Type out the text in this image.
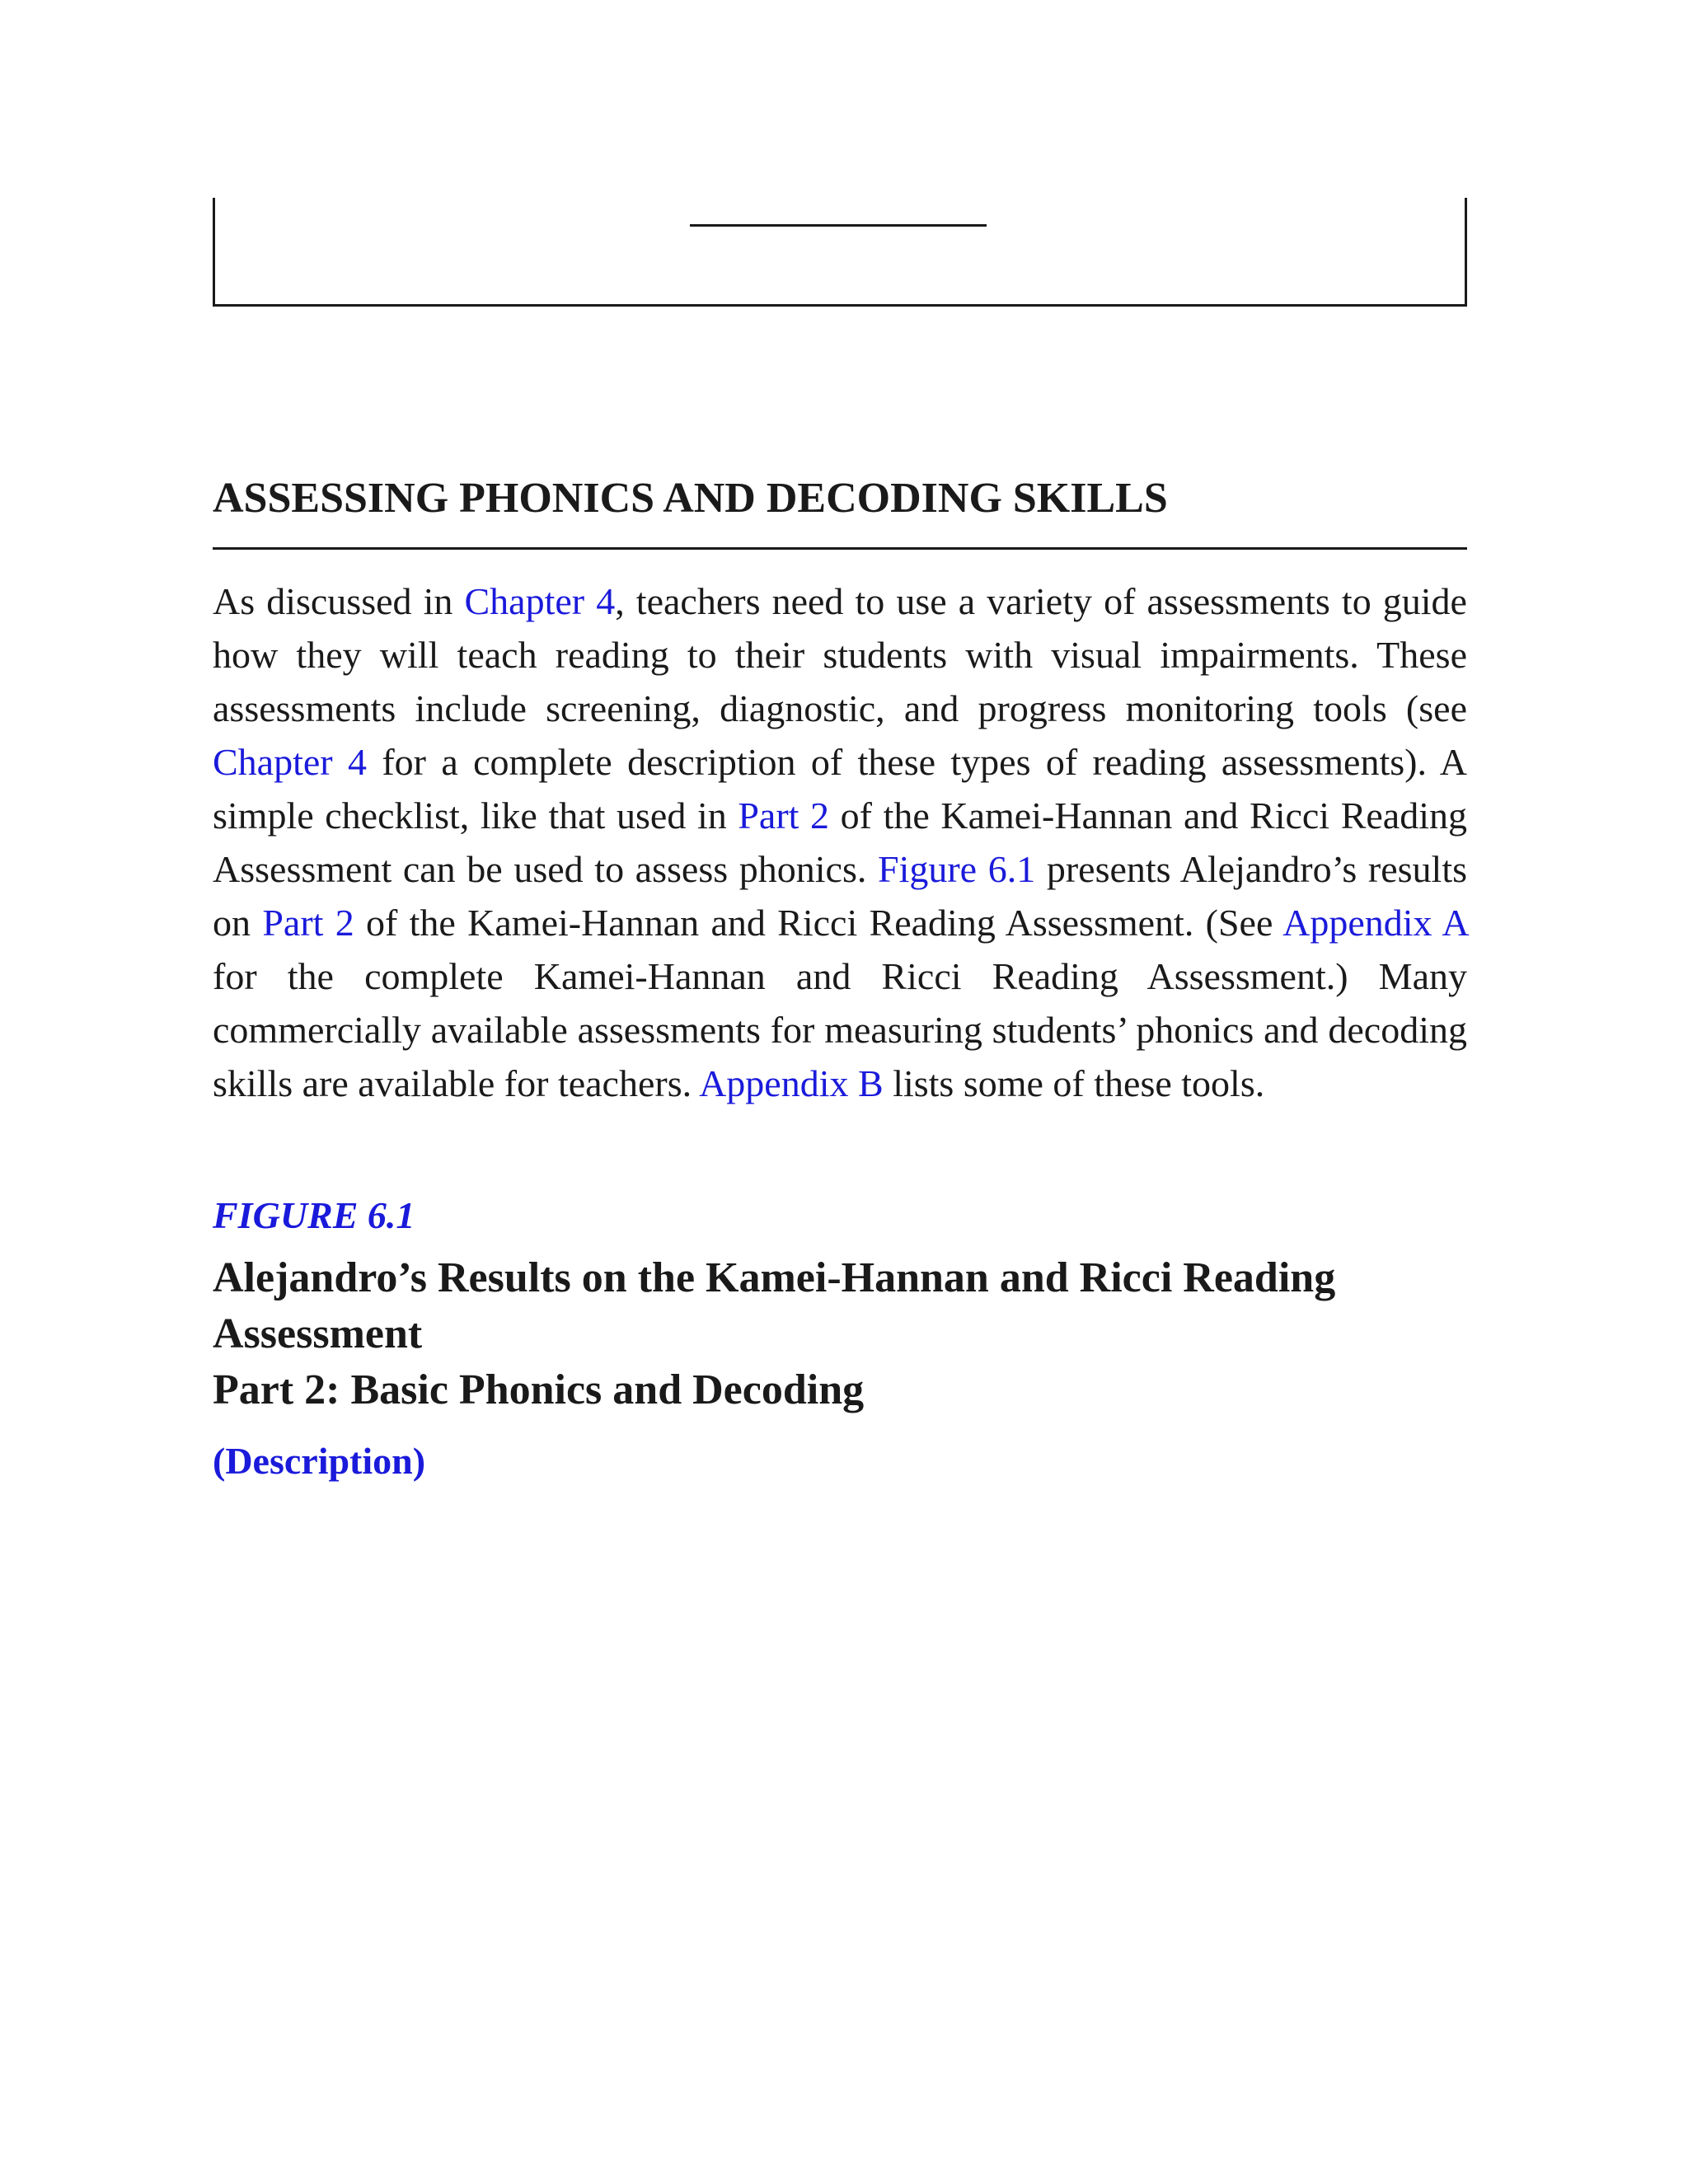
ASSESSING PHONICS AND DECODING SKILLS

As discussed in Chapter 4, teachers need to use a variety of assessments to guide how they will teach reading to their students with visual impairments. These assessments include screening, diagnostic, and progress monitoring tools (see Chapter 4 for a complete description of these types of reading assessments). A simple checklist, like that used in Part 2 of the Kamei-Hannan and Ricci Reading Assessment can be used to assess phonics. Figure 6.1 presents Alejandro’s results on Part 2 of the Kamei-Hannan and Ricci Reading Assessment. (See Appendix A for the complete Kamei-Hannan and Ricci Reading Assessment.) Many commercially available assessments for measuring students’ phonics and decoding skills are available for teachers. Appendix B lists some of these tools.

FIGURE 6.1
Alejandro’s Results on the Kamei-Hannan and Ricci Reading Assessment
Part 2: Basic Phonics and Decoding
(Description)
